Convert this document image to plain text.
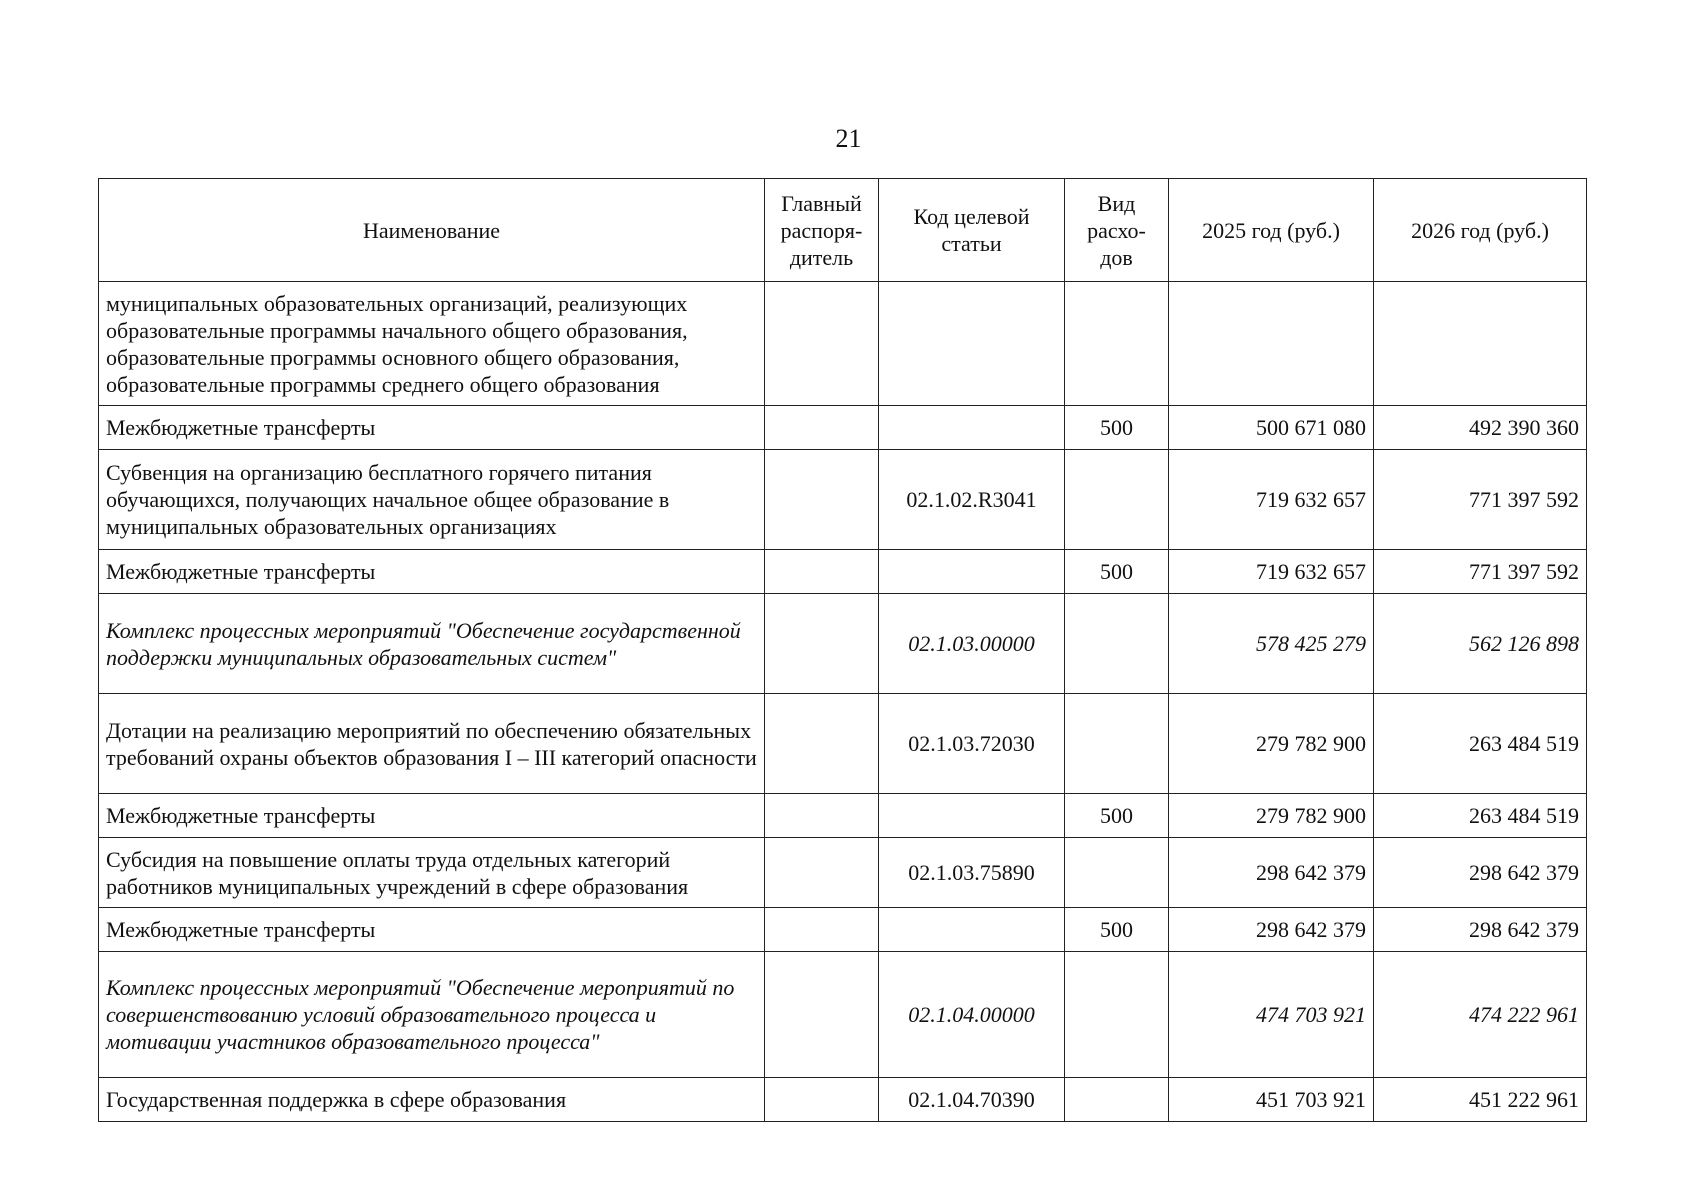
21
Наименование	Главный распоря-дитель	Код целевой статьи	Вид расхо-дов	2025 год (руб.)	2026 год (руб.)
муниципальных образовательных организаций, реализующих образовательные программы начального общего образования, образовательные программы основного общего образования, образовательные программы среднего общего образования					
Межбюджетные трансферты			500	500 671 080	492 390 360
Субвенция на организацию бесплатного горячего питания обучающихся, получающих начальное общее образование в муниципальных образовательных организациях		02.1.02.R3041		719 632 657	771 397 592
Межбюджетные трансферты			500	719 632 657	771 397 592
Комплекс процессных мероприятий "Обеспечение государственной поддержки муниципальных образовательных систем"		02.1.03.00000		578 425 279	562 126 898
Дотации на реализацию мероприятий по обеспечению обязательных требований охраны объектов образования I – III категорий опасности		02.1.03.72030		279 782 900	263 484 519
Межбюджетные трансферты			500	279 782 900	263 484 519
Субсидия на повышение оплаты труда отдельных категорий работников муниципальных учреждений в сфере образования		02.1.03.75890		298 642 379	298 642 379
Межбюджетные трансферты			500	298 642 379	298 642 379
Комплекс процессных мероприятий "Обеспечение мероприятий по совершенствованию условий образовательного процесса и мотивации участников образовательного процесса"		02.1.04.00000		474 703 921	474 222 961
Государственная поддержка в сфере образования		02.1.04.70390		451 703 921	451 222 961
